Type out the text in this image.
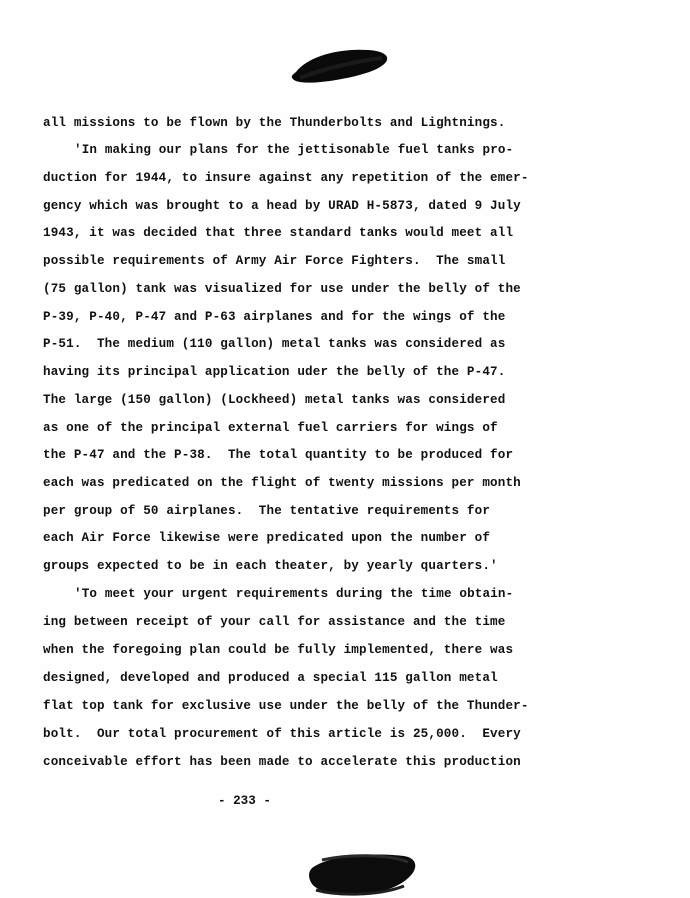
all missions to be flown by the Thunderbolts and Lightnings.
'In making our plans for the jettisonable fuel tanks pro-
duction for 1944, to insure against any repetition of the emer-
gency which was brought to a head by URAD H-5873, dated 9 July
1943, it was decided that three standard tanks would meet all
possible requirements of Army Air Force Fighters.  The small
(75 gallon) tank was visualized for use under the belly of the
P-39, P-40, P-47 and P-63 airplanes and for the wings of the
P-51.  The medium (110 gallon) metal tanks was considered as
having its principal application uder the belly of the P-47.
The large (150 gallon) (Lockheed) metal tanks was considered
as one of the principal external fuel carriers for wings of
the P-47 and the P-38.  The total quantity to be produced for
each was predicated on the flight of twenty missions per month
per group of 50 airplanes.  The tentative requirements for
each Air Force likewise were predicated upon the number of
groups expected to be in each theater, by yearly quarters.'
'To meet your urgent requirements during the time obtain-
ing between receipt of your call for assistance and the time
when the foregoing plan could be fully implemented, there was
designed, developed and produced a special 115 gallon metal
flat top tank for exclusive use under the belly of the Thunder-
bolt.  Our total procurement of this article is 25,000.  Every
conceivable effort has been made to accelerate this production
- 233 -
